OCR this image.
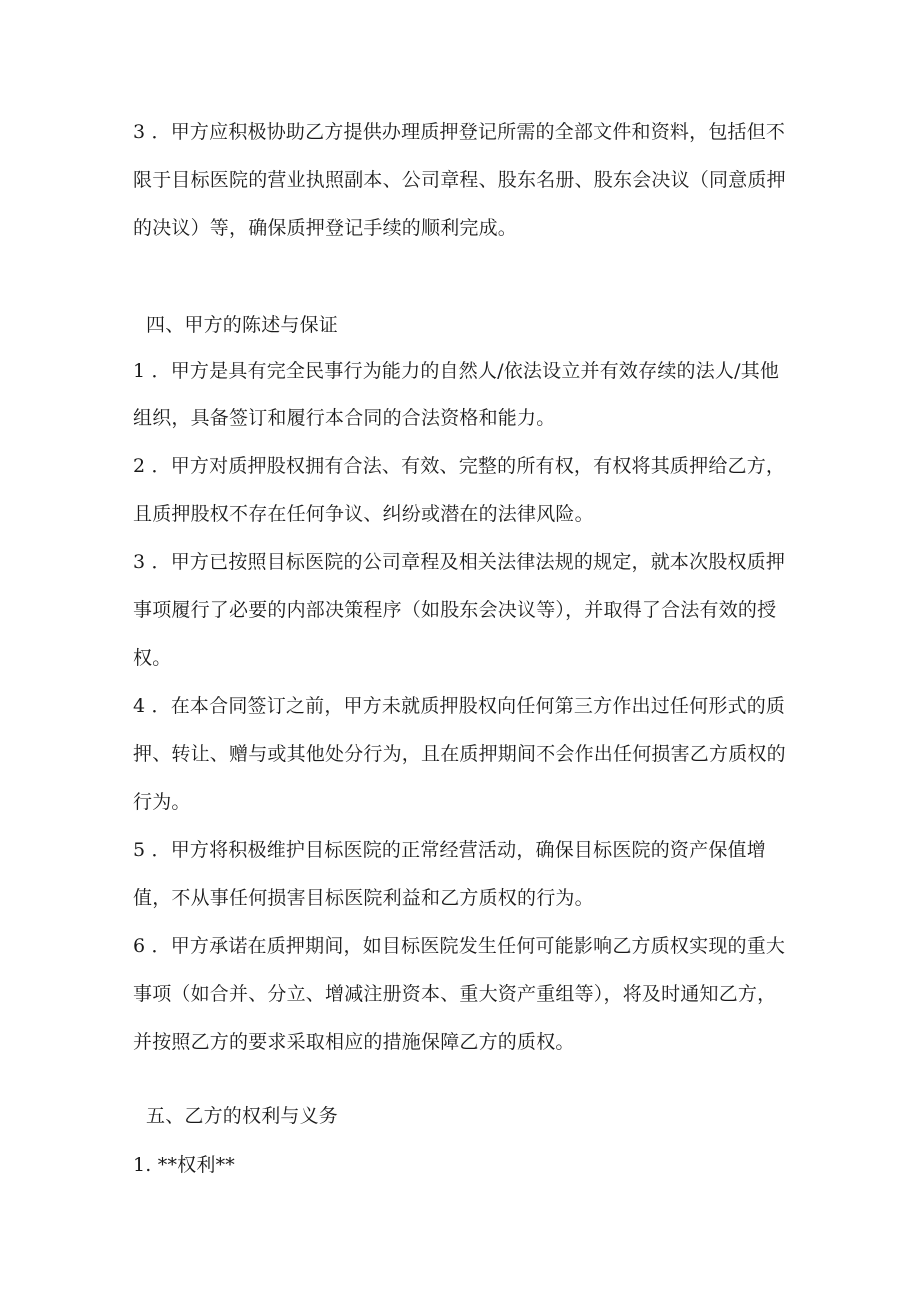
3 ．甲方应积极协助乙方提供办理质押登记所需的全部文件和资料，包括但不
限于目标医院的营业执照副本、公司章程、股东名册、股东会决议（同意质押
的决议）等，确保质押登记手续的顺利完成。
四、甲方的陈述与保证
1 ．甲方是具有完全民事行为能力的自然人/依法设立并有效存续的法人/其他
组织，具备签订和履行本合同的合法资格和能力。
2 ．甲方对质押股权拥有合法、有效、完整的所有权，有权将其质押给乙方，
且质押股权不存在任何争议、纠纷或潜在的法律风险。
3 ．甲方已按照目标医院的公司章程及相关法律法规的规定，就本次股权质押
事项履行了必要的内部决策程序（如股东会决议等），并取得了合法有效的授
权。
4 ．在本合同签订之前，甲方未就质押股权向任何第三方作出过任何形式的质
押、转让、赠与或其他处分行为，且在质押期间不会作出任何损害乙方质权的
行为。
5 ．甲方将积极维护目标医院的正常经营活动，确保目标医院的资产保值增
值，不从事任何损害目标医院利益和乙方质权的行为。
6 ．甲方承诺在质押期间，如目标医院发生任何可能影响乙方质权实现的重大
事项（如合并、分立、增减注册资本、重大资产重组等），将及时通知乙方，
并按照乙方的要求采取相应的措施保障乙方的质权。
五、乙方的权利与义务
1. **权利**
